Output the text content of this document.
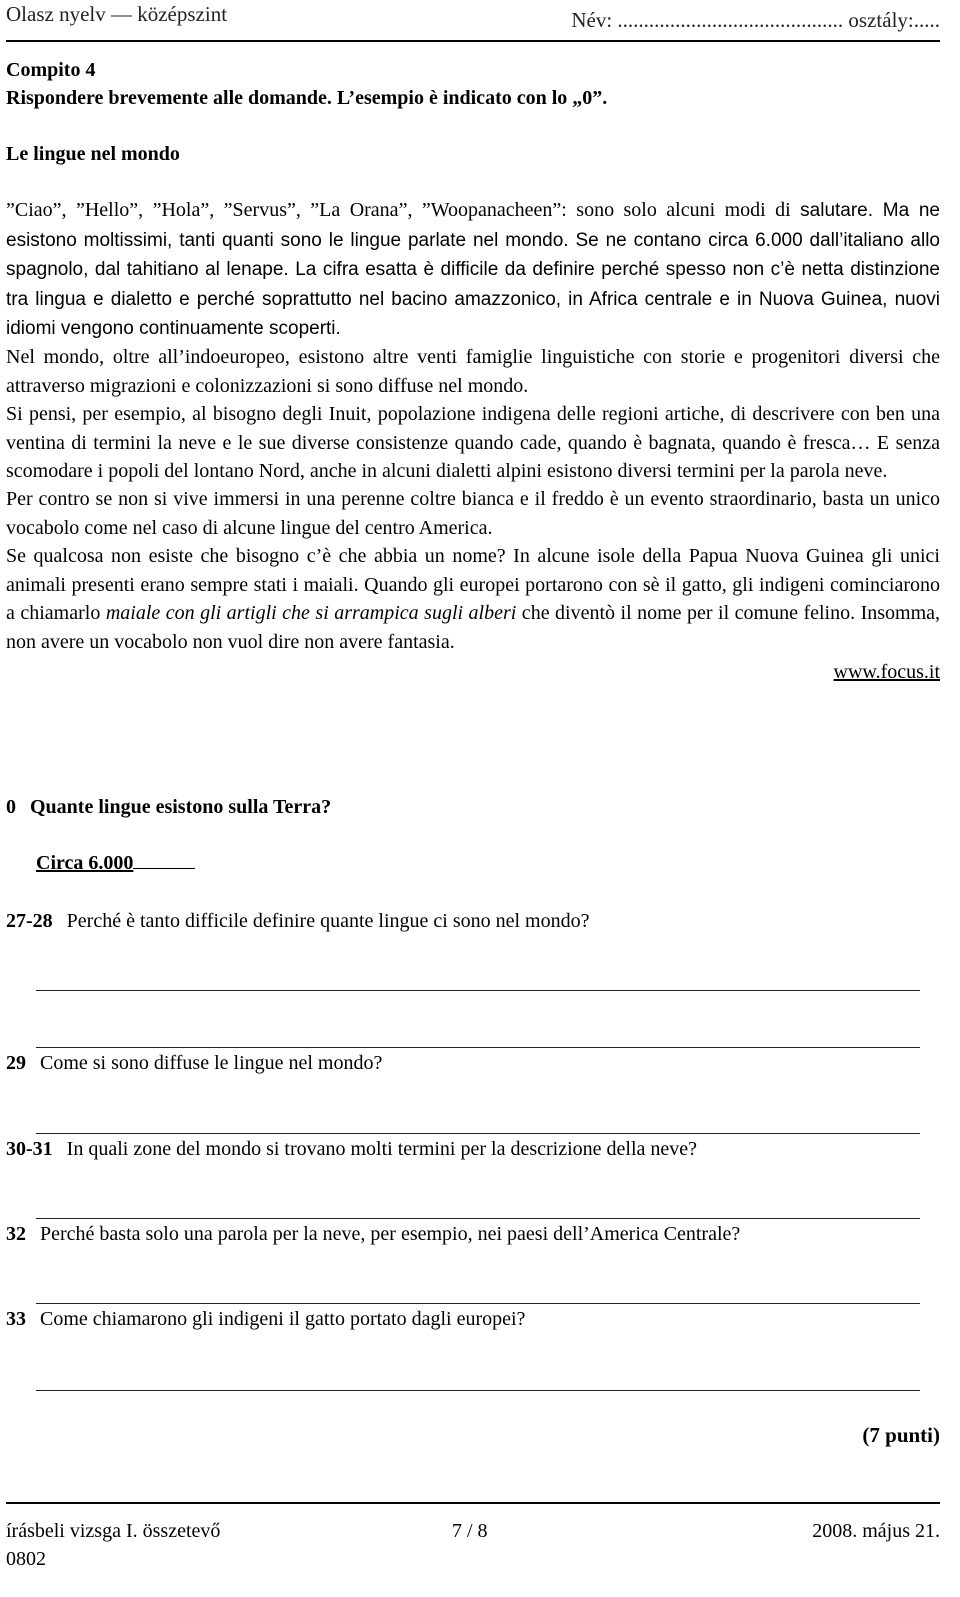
Olasz nyelv — középszint	Név: ........................................... osztály:.....
Compito 4
Rispondere brevemente alle domande. L’esempio è indicato con lo „0”.
Le lingue nel mondo

”Ciao”, ”Hello”, ”Hola”, ”Servus”, ”La Orana”, ”Woopanacheen”: sono solo alcuni modi di salutare. Ma ne esistono moltissimi, tanti quanti sono le lingue parlate nel mondo. Se ne contano circa 6.000 dall’italiano allo spagnolo, dal tahitiano al lenape. La cifra esatta è difficile da definire perché spesso non c’è netta distinzione tra lingua e dialetto e perché soprattutto nel bacino amazzonico, in Africa centrale e in Nuova Guinea, nuovi idiomi vengono continuamente scoperti.

Nel mondo, oltre all’indoeuropeo, esistono altre venti famiglie linguistiche con storie e progenitori diversi che attraverso migrazioni e colonizzazioni si sono diffuse nel mondo.

Si pensi, per esempio, al bisogno degli Inuit, popolazione indigena delle regioni artiche, di descrivere con ben una ventina di termini la neve e le sue diverse consistenze quando cade, quando è bagnata, quando è fresca… E senza scomodare i popoli del lontano Nord, anche in alcuni dialetti alpini esistono diversi termini per la parola neve.

Per contro se non si vive immersi in una perenne coltre bianca e il freddo è un evento straordinario, basta un unico vocabolo come nel caso di alcune lingue del centro America.

Se qualcosa non esiste che bisogno c’è che abbia un nome? In alcune isole della Papua Nuova Guinea gli unici animali presenti erano sempre stati i maiali. Quando gli europei portarono con sè il gatto, gli indigeni cominciarono a chiamarlo maiale con gli artigli che si arrampica sugli alberi che diventò il nome per il comune felino. Insomma, non avere un vocabolo non vuol dire non avere fantasia.

www.focus.it
0 Quante lingue esistono sulla Terra?
Circa 6.000
27-28 Perché è tanto difficile definire quante lingue ci sono nel mondo?
29 Come si sono diffuse le lingue nel mondo?
30-31 In quali zone del mondo si trovano molti termini per la descrizione della neve?
32 Perché basta solo una parola per la neve, per esempio, nei paesi dell’America Centrale?
33 Come chiamarono gli indigeni il gatto portato dagli europei?
(7 punti)
írásbeli vizsga I. összetevő	7 / 8	2008. május 21.
0802
